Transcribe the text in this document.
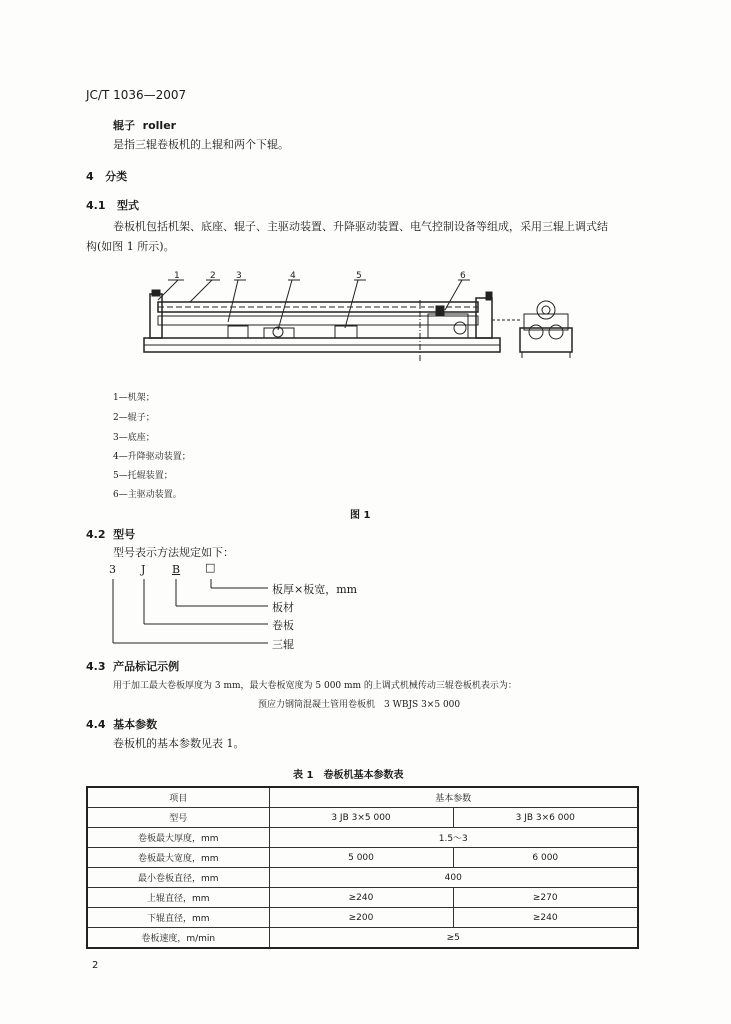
JC/T 1036—2007
辊子 roller
是指三辊卷板机的上辊和两个下辊。
4 分类
4.1 型式
卷板机包括机架、底座、辊子、主驱动装置、升降驱动装置、电气控制设备等组成，采用三辊上调式结
构(如图 1 所示)。
1	2 3	4	5	6
1—机架；
2—辊子；
3—底座；
4—升降驱动装置；
5—托辊装置；
6—主驱动装置。
图 1
4.2 型号
型号表示方法规定如下：
3 J B □
板厚×板宽，mm
板材
卷板
三辊
4.3 产品标记示例
用于加工最大卷板厚度为 3 mm，最大卷板宽度为 5 000 mm 的上调式机械传动三辊卷板机表示为：
预应力钢筒混凝土管用卷板机　3 WBJS 3×5 000
4.4 基本参数
卷板机的基本参数见表 1。
表 1　卷板机基本参数表
项目	基本参数	
型号	3 JB 3×5 000	3 JB 3×6 000
卷板最大厚度，mm	1.5～3	
卷板最大宽度，mm	5 000	6 000
最小卷板直径，mm	400	
上辊直径，mm	≥240	≥270
下辊直径，mm	≥200	≥240
卷板速度，m/min	≥5	
2
